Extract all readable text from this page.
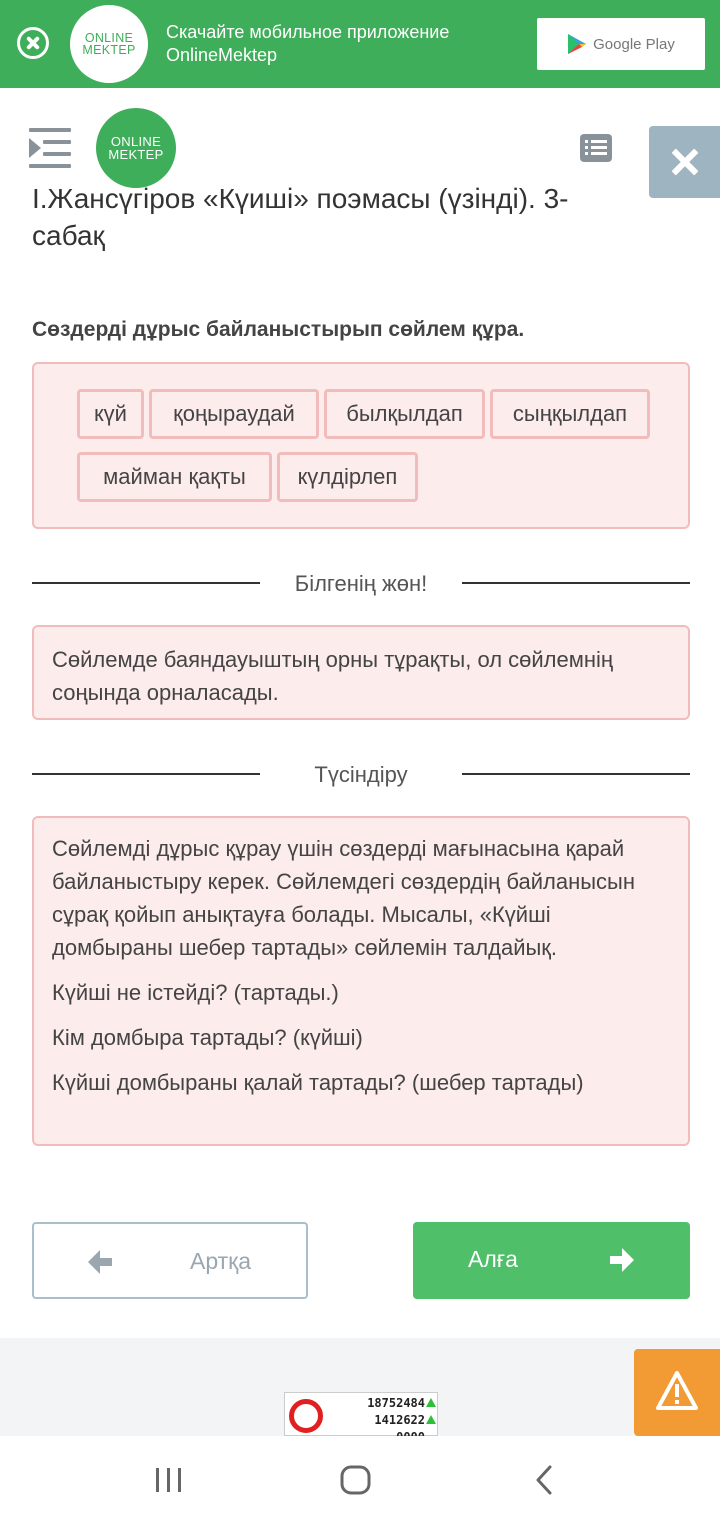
ONLINE
MEKTEP
Скачайте мобильное приложение
OnlineMektep
Google Play
ONLINE
MEKTEP
І.Жансүгіров «Күиші» поэмасы (үзінді). 3-
сабақ
Сөздерді дұрыс байланыстырып сөйлем құра.
күй	қоңыраудай	былқылдап	сыңқылдап
майман қақты	күлдірлеп
Білгенің жөн!
Сөйлемде баяндауыштың орны тұрақты, ол сөйлемнің соңында орналасады.
Түсіндіру

Сөйлемді дұрыс құрау үшін сөздерді мағынасына қарай байланыстыру керек. Сөйлемдегі сөздердің байланысын сұрақ қойып анықтауға болады. Мысалы, «Күйші домбыраны шебер тартады» сөйлемін талдайық.

Күйші не істейді? (тартады.)

Кім домбыра тартады? (күйші)

Күйші домбыраны қалай тартады? (шебер тартады)

Артқа	Алға
18752484
1412622
